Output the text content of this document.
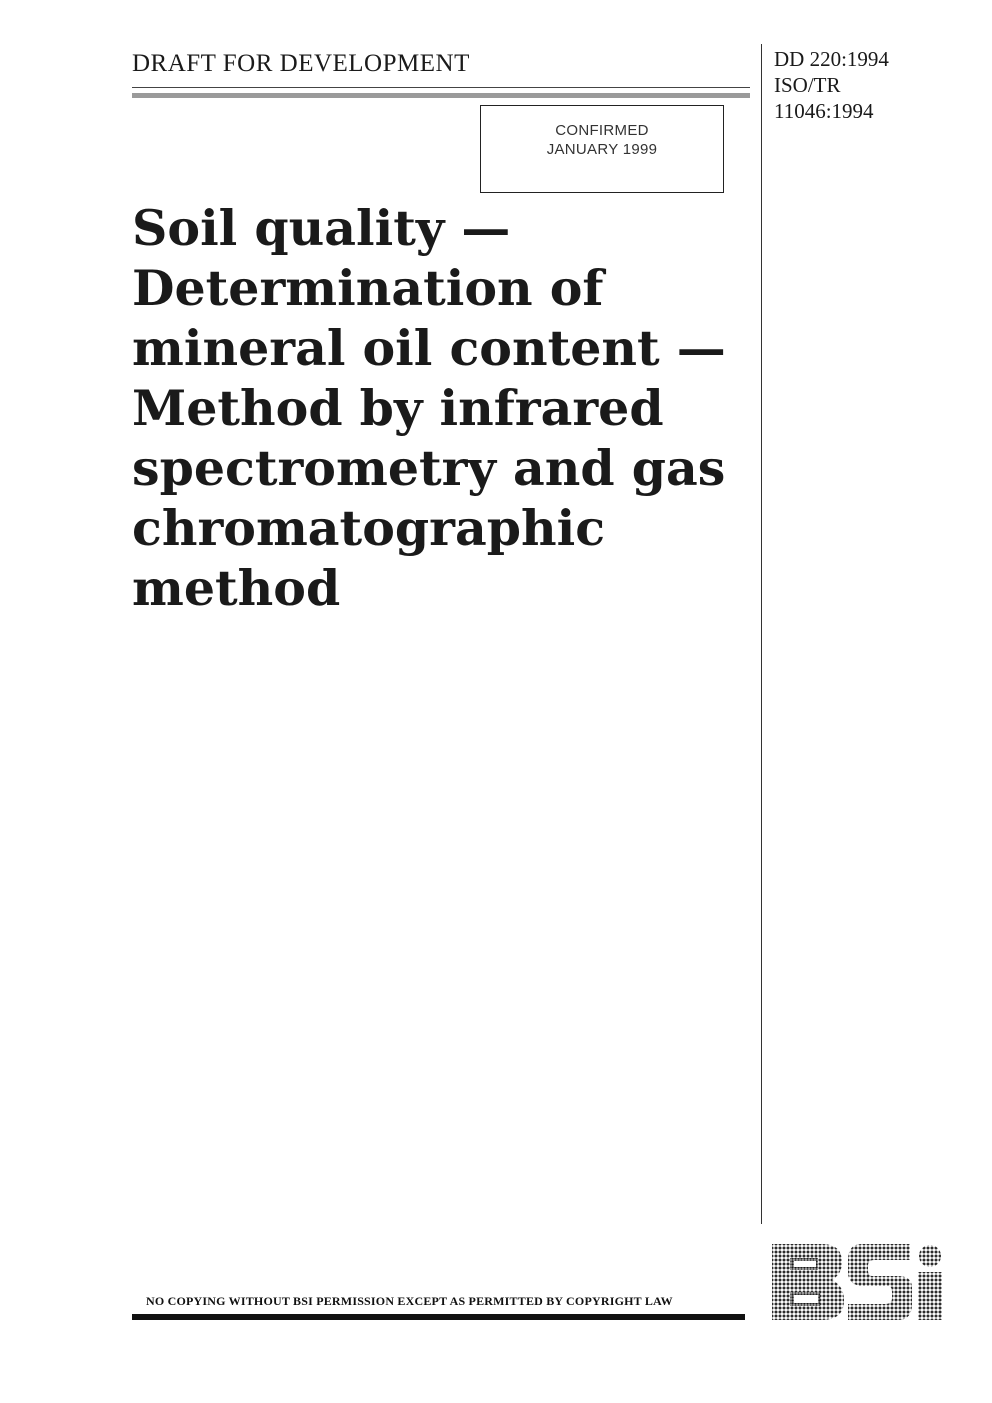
DRAFT FOR DEVELOPMENT	DD 220:1994
ISO/TR
11046:1994
CONFIRMED
JANUARY 1999
Soil quality —
Determination of
mineral oil content —
Method by infrared
spectrometry and gas
chromatographic
method
NO COPYING WITHOUT BSI PERMISSION EXCEPT AS PERMITTED BY COPYRIGHT LAW
